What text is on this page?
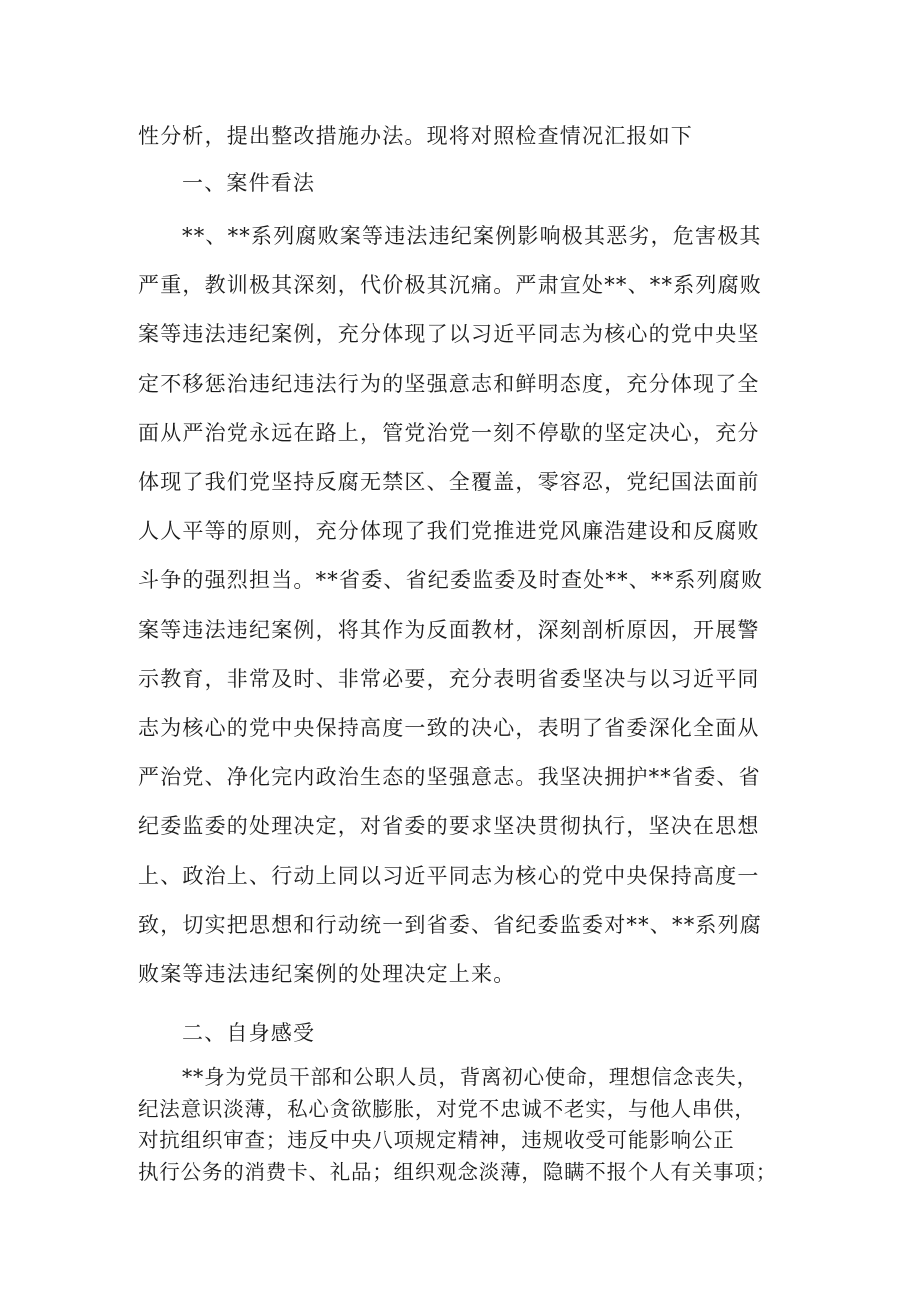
性分析，提出整改措施办法。现将对照检查情况汇报如下

一、案件看法
**、**系列腐败案等违法违纪案例影响极其恶劣，危害极其
严重，教训极其深刻，代价极其沉痛。严肃宣处**、**系列腐败
案等违法违纪案例，充分体现了以习近平同志为核心的党中央坚
定不移惩治违纪违法行为的坚强意志和鲜明态度，充分体现了全
面从严治党永远在路上，管党治党一刻不停歇的坚定决心，充分
体现了我们党坚持反腐无禁区、全覆盖，零容忍，党纪国法面前
人人平等的原则，充分体现了我们党推进党风廉浩建设和反腐败
斗争的强烈担当。**省委、省纪委监委及时查处**、**系列腐败
案等违法违纪案例，将其作为反面教材，深刻剖析原因，开展警
示教育，非常及时、非常必要，充分表明省委坚决与以习近平同
志为核心的党中央保持高度一致的决心，表明了省委深化全面从
严治党、净化完内政治生态的坚强意志。我坚决拥护**省委、省
纪委监委的处理决定，对省委的要求坚决贯彻执行，坚决在思想
上、政治上、行动上同以习近平同志为核心的党中央保持高度一
致，切实把思想和行动统一到省委、省纪委监委对**、**系列腐
败案等违法违纪案例的处理决定上来。
二、自身感受
**身为党员干部和公职人员，背离初心使命，理想信念丧失，
纪法意识淡薄，私心贪欲膨胀，对党不忠诚不老实，与他人串供，
对抗组织审查；违反中央八项规定精神，违规收受可能影响公正
执行公务的消费卡、礼品；组织观念淡薄，隐瞒不报个人有关事项；
